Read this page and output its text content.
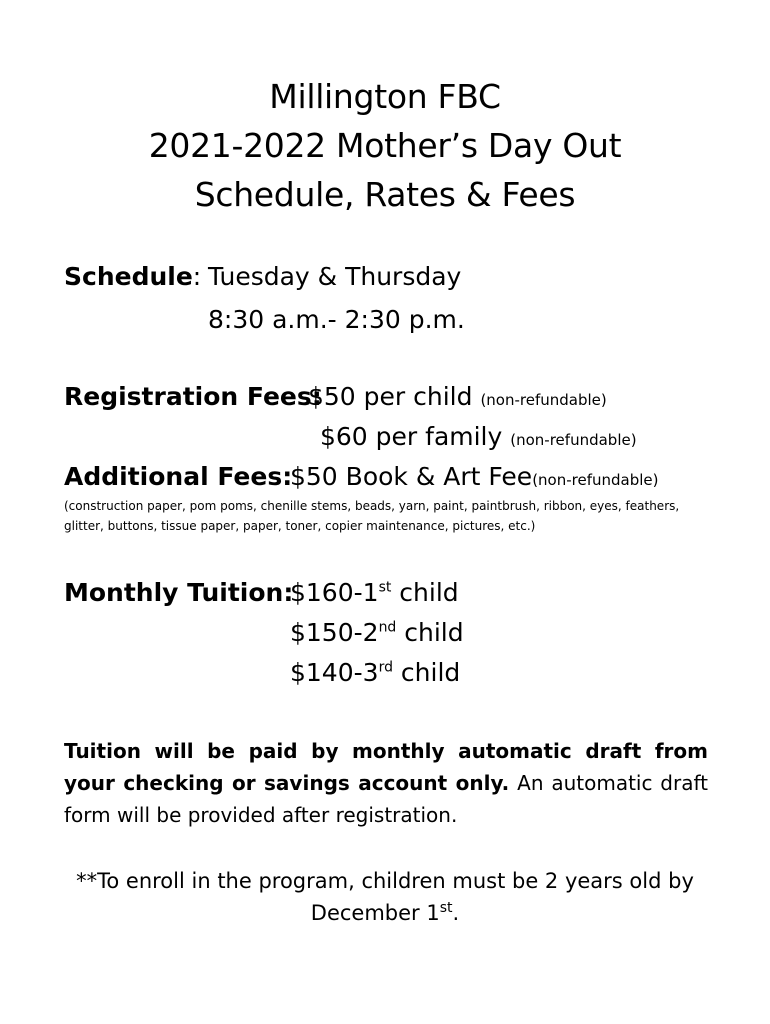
Millington FBC
2021-2022 Mother’s Day Out
Schedule, Rates & Fees
Schedule: Tuesday & Thursday
8:30 a.m.- 2:30 p.m.
Registration Fees:
$50 per child (non-refundable)
$60 per family (non-refundable)
Additional Fees:
$50 Book & Art Fee(non-refundable)
(construction paper, pom poms, chenille stems, beads, yarn, paint, paintbrush, ribbon, eyes, feathers, glitter, buttons, tissue paper, paper, toner, copier maintenance, pictures, etc.)
Monthly Tuition:
$160-1st child
$150-2nd child
$140-3rd child
Tuition will be paid by monthly automatic draft from your checking or savings account only. An automatic draft form will be provided after registration.
**To enroll in the program, children must be 2 years old by December 1st.
